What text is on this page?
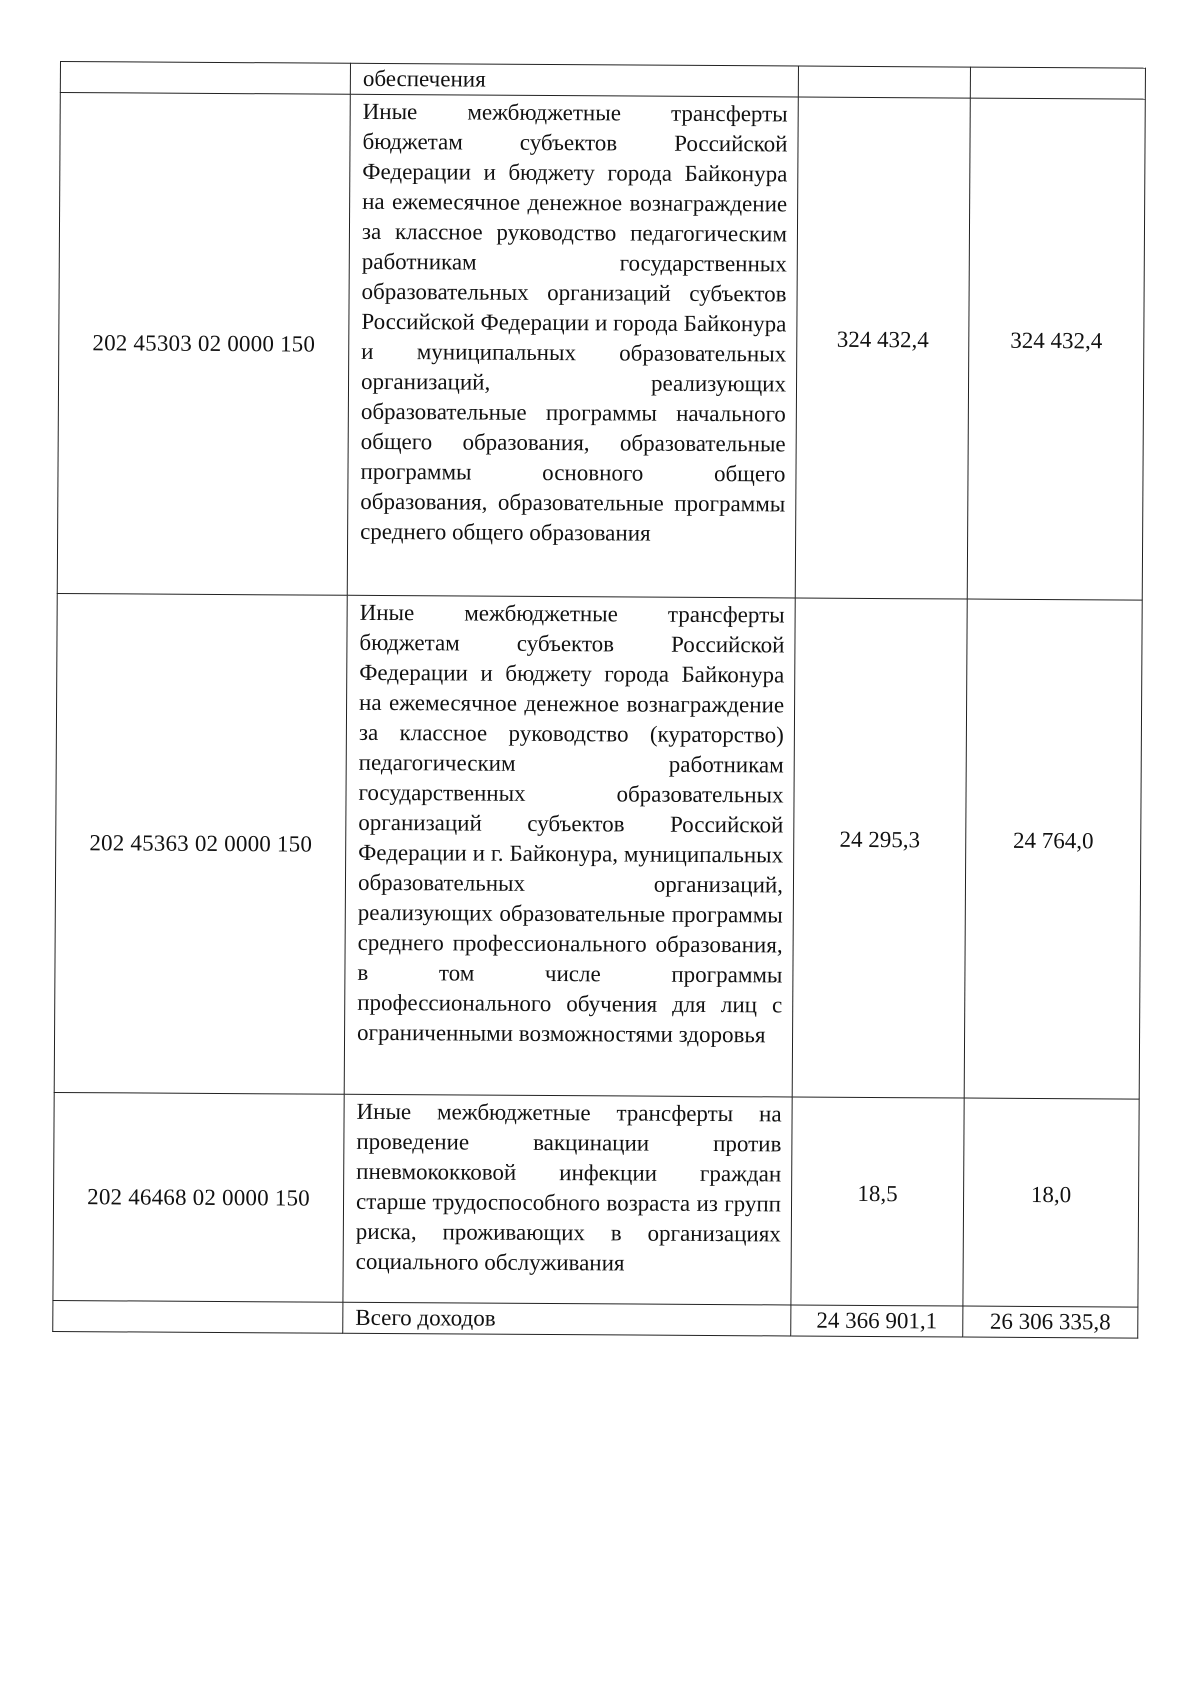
	обеспечения		
202 45303 02 0000 150	Иные межбюджетные трансферты бюджетам субъектов Российской Федерации и бюджету города Байконура на ежемесячное денежное вознаграждение за классное руководство педагогическим работникам государственных образовательных организаций субъектов Российской Федерации и города Байконура и муниципальных образовательных организаций, реализующих образовательные программы начального общего образования, образовательные программы основного общего образования, образовательные программы среднего общего образования	324 432,4	324 432,4
202 45363 02 0000 150	Иные межбюджетные трансферты бюджетам субъектов Российской Федерации и бюджету города Байконура на ежемесячное денежное вознаграждение за классное руководство (кураторство) педагогическим работникам государственных образовательных организаций субъектов Российской Федерации и г. Байконура, муниципальных образовательных организаций, реализующих образовательные программы среднего профессионального образования, в том числе программы профессионального обучения для лиц с ограниченными возможностями здоровья	24 295,3	24 764,0
202 46468 02 0000 150	Иные межбюджетные трансферты на проведение вакцинации против пневмококковой инфекции граждан старше трудоспособного возраста из групп риска, проживающих в организациях социального обслуживания	18,5	18,0
	Всего доходов	24 366 901,1	26 306 335,8
